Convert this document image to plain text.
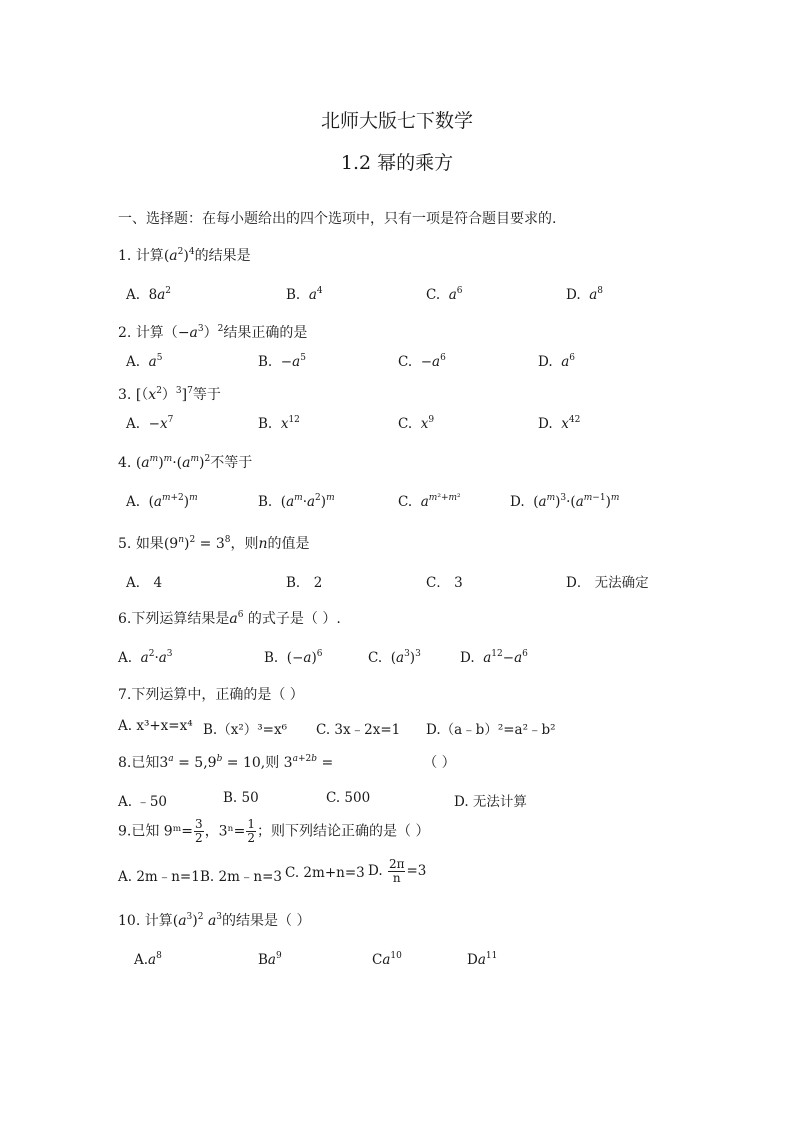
北师大版七下数学
1.2 幂的乘方
一、选择题：在每小题给出的四个选项中，只有一项是符合题目要求的.
1. 计算$(a^2)^4$的结果是
A.  $8a^2$	B. $a^4$	C. $a^6$	D. $a^8$
2. 计算$(-a^3)^2$结果正确的是
A. $a^5$	B.  $-a^5$	C.  $-a^6$	D. $a^6$
3. $[(x^2)^3]^7$等于
A.  $-x^7$	B. $x^{12}$	C. $x^9$	D. $x^{42}$
4. $(a^m)^m\cdot(a^m)^2$不等于
A.  $(a^{m+2})^m$	B.  $(a^m\cdot a^2)^m$	C. $a^{m^2+m^2}$	D.  $(a^m)^3\cdot(a^{m-1})^m$
5. 如果$(9^n)^2 = 3^8$，则n的值是
A． 4	B． 2	C． 3	D． 无法确定
6.下列运算结果是$a^6$ 的式子是（ ）.
A. $a^2\cdot a^3$	B.  $(-a)^6$	C.  $(a^3)^3$	D. $a^{12}-a^6$
7.下列运算中，正确的是（ ）
A. x³+x=x⁴ B.（x²）³=x⁶ C. 3x﹣2x=1 D.（a﹣b）²=a²﹣b²
8.已知$3^a = 5,9^b = 10$,则 $3^{a+2b}$ =	（ ）
A. ﹣50	B. 50	C. 500	D. 无法计算
9.已知 9ᵐ= $\frac{3}{2}$ ，$3^n= \frac{1}{2}$ ；则下列结论正确的是（ ）
A. 2m﹣n=1 B. 2m﹣n=3 C. 2m+n=3 D. $\frac{2\pi}{n} =3$
10. 计算$(a^3)^2$ $a^3$的结果是（ ）
$A.a^8$	Ba$^9$	Ca$^{10}$	Da$^{11}$
